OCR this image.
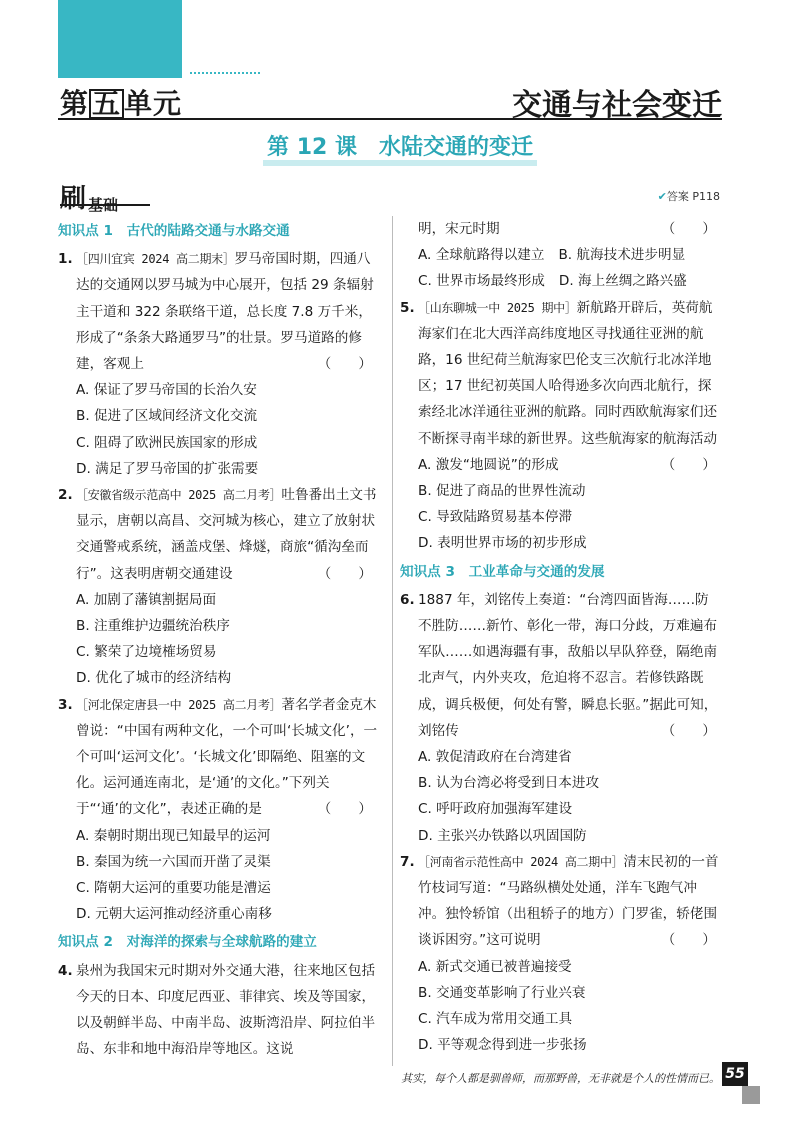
第 五 单元	交通与社会变迁
第 12 课　水陆交通的变迁
刷 基础	✔答案 P118
知识点 1　古代的陆路交通与水路交通
1. ［四川宜宾 2024 高二期末］罗马帝国时期，四通八达的交通网以罗马城为中心展开，包括 29 条辐射主干道和 322 条联络干道，总长度 7.8 万千米，形成了“条条大路通罗马”的壮景。罗马道路的修建，客观上	（　　）
A. 保证了罗马帝国的长治久安
B. 促进了区域间经济文化交流
C. 阻碍了欧洲民族国家的形成
D. 满足了罗马帝国的扩张需要
2. ［安徽省级示范高中 2025 高二月考］吐鲁番出土文书显示，唐朝以高昌、交河城为核心，建立了放射状交通警戒系统，涵盖戍堡、烽燧，商旅“循沟垒而行”。这表明唐朝交通建设	（　　）
A. 加剧了藩镇割据局面
B. 注重维护边疆统治秩序
C. 繁荣了边境榷场贸易
D. 优化了城市的经济结构
3. ［河北保定唐县一中 2025 高二月考］著名学者金克木曾说：“中国有两种文化，一个可叫‘长城文化’，一个可叫‘运河文化’。‘长城文化’即隔绝、阻塞的文化。运河通连南北，是‘通’的文化。”下列关于“‘通’的文化”，表述正确的是	（　　）
A. 秦朝时期出现已知最早的运河
B. 秦国为统一六国而开凿了灵渠
C. 隋朝大运河的重要功能是漕运
D. 元朝大运河推动经济重心南移
知识点 2　对海洋的探索与全球航路的建立
4. 泉州为我国宋元时期对外交通大港，往来地区包括今天的日本、印度尼西亚、菲律宾、埃及等国家，以及朝鲜半岛、中南半岛、波斯湾沿岸、阿拉伯半岛、东非和地中海沿岸等地区。这说
明，宋元时期	（　　）
A. 全球航路得以建立 B. 航海技术进步明显
C. 世界市场最终形成 D. 海上丝绸之路兴盛
5. ［山东聊城一中 2025 期中］新航路开辟后，英荷航海家们在北大西洋高纬度地区寻找通往亚洲的航路，16 世纪荷兰航海家巴伦支三次航行北冰洋地区；17 世纪初英国人哈得逊多次向西北航行，探索经北冰洋通往亚洲的航路。同时西欧航海家们还不断探寻南半球的新世界。这些航海家的航海活动
（　　）
A. 激发“地圆说”的形成
B. 促进了商品的世界性流动
C. 导致陆路贸易基本停滞
D. 表明世界市场的初步形成
知识点 3　工业革命与交通的发展
6. 1887 年，刘铭传上奏道：“台湾四面皆海……防不胜防……新竹、彰化一带，海口分歧，万难遍布军队……如遇海疆有事，敌船以早队猝登，隔绝南北声气，内外夹攻，危迫将不忍言。若修铁路既成，调兵极便，何处有警，瞬息长驱。”据此可知，刘铭传	（　　）
A. 敦促清政府在台湾建省
B. 认为台湾必将受到日本进攻
C. 呼吁政府加强海军建设
D. 主张兴办铁路以巩固国防
7. ［河南省示范性高中 2024 高二期中］清末民初的一首竹枝词写道：“马路纵横处处通，洋车飞跑气冲冲。独怜轿馆（出租轿子的地方）门罗雀，轿佬围谈诉困穷。”这可说明	（　　）
A. 新式交通已被普遍接受
B. 交通变革影响了行业兴衰
C. 汽车成为常用交通工具
D. 平等观念得到进一步张扬
其实，每个人都是驯兽师，而那野兽，无非就是个人的性情而已。 55
